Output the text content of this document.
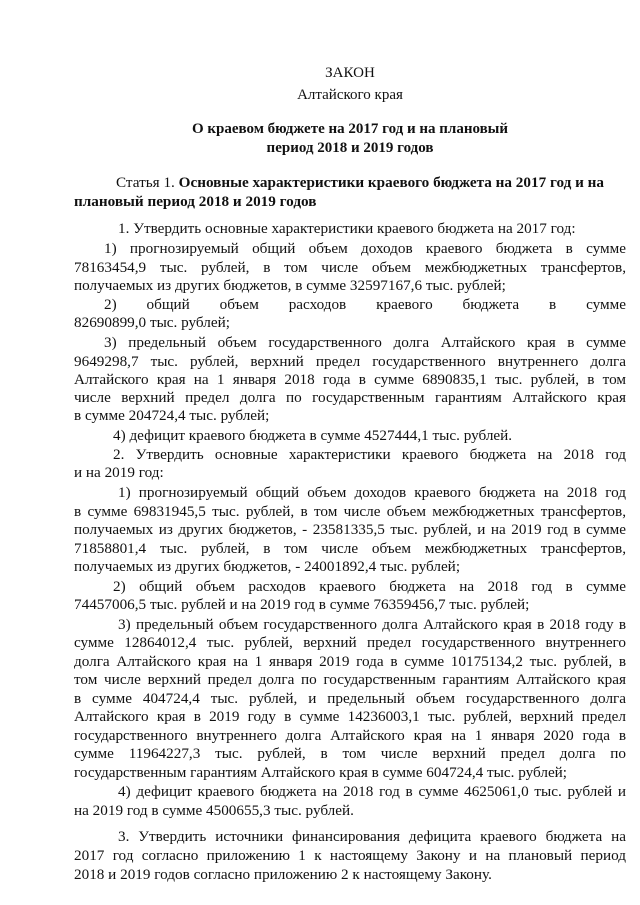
ЗАКОН
Алтайского края
О краевом бюджете на 2017 год и на плановый
период 2018 и 2019 годов
Статья 1. Основные характеристики краевого бюджета на 2017 год и на
плановый период 2018 и 2019 годов
1. Утвердить основные характеристики краевого бюджета на 2017 год:
1) прогнозируемый общий объем доходов краевого бюджета в сумме
78163454,9 тыс. рублей, в том числе объем межбюджетных трансфертов,
получаемых из других бюджетов, в сумме 32597167,6 тыс. рублей;
2) общий объем расходов краевого бюджета в сумме
82690899,0 тыс. рублей;
3) предельный объем государственного долга Алтайского края в сумме
9649298,7 тыс. рублей, верхний предел государственного внутреннего долга
Алтайского края на 1 января 2018 года в сумме 6890835,1 тыс. рублей, в том
числе верхний предел долга по государственным гарантиям Алтайского края
в сумме 204724,4 тыс. рублей;
4) дефицит краевого бюджета в сумме 4527444,1 тыс. рублей.
2. Утвердить основные характеристики краевого бюджета на 2018 год
и на 2019 год:
1) прогнозируемый общий объем доходов краевого бюджета на 2018 год
в сумме 69831945,5 тыс. рублей, в том числе объем межбюджетных трансфертов,
получаемых из других бюджетов, - 23581335,5 тыс. рублей, и на 2019 год в сумме
71858801,4 тыс. рублей, в том числе объем межбюджетных трансфертов,
получаемых из других бюджетов, - 24001892,4 тыс. рублей;
2) общий объем расходов краевого бюджета на 2018 год в сумме
74457006,5 тыс. рублей и на 2019 год в сумме 76359456,7 тыс. рублей;
3) предельный объем государственного долга Алтайского края в 2018 году в
сумме 12864012,4 тыс. рублей, верхний предел государственного внутреннего
долга Алтайского края на 1 января 2019 года в сумме 10175134,2 тыс. рублей, в
том числе верхний предел долга по государственным гарантиям Алтайского края
в сумме 404724,4 тыс. рублей, и предельный объем государственного долга
Алтайского края в 2019 году в сумме 14236003,1 тыс. рублей, верхний предел
государственного внутреннего долга Алтайского края на 1 января 2020 года в
сумме 11964227,3 тыс. рублей, в том числе верхний предел долга по
государственным гарантиям Алтайского края в сумме 604724,4 тыс. рублей;
4) дефицит краевого бюджета на 2018 год в сумме 4625061,0 тыс. рублей и
на 2019 год в сумме 4500655,3 тыс. рублей.
3. Утвердить источники финансирования дефицита краевого бюджета на
2017 год согласно приложению 1 к настоящему Закону и на плановый период
2018 и 2019 годов согласно приложению 2 к настоящему Закону.
